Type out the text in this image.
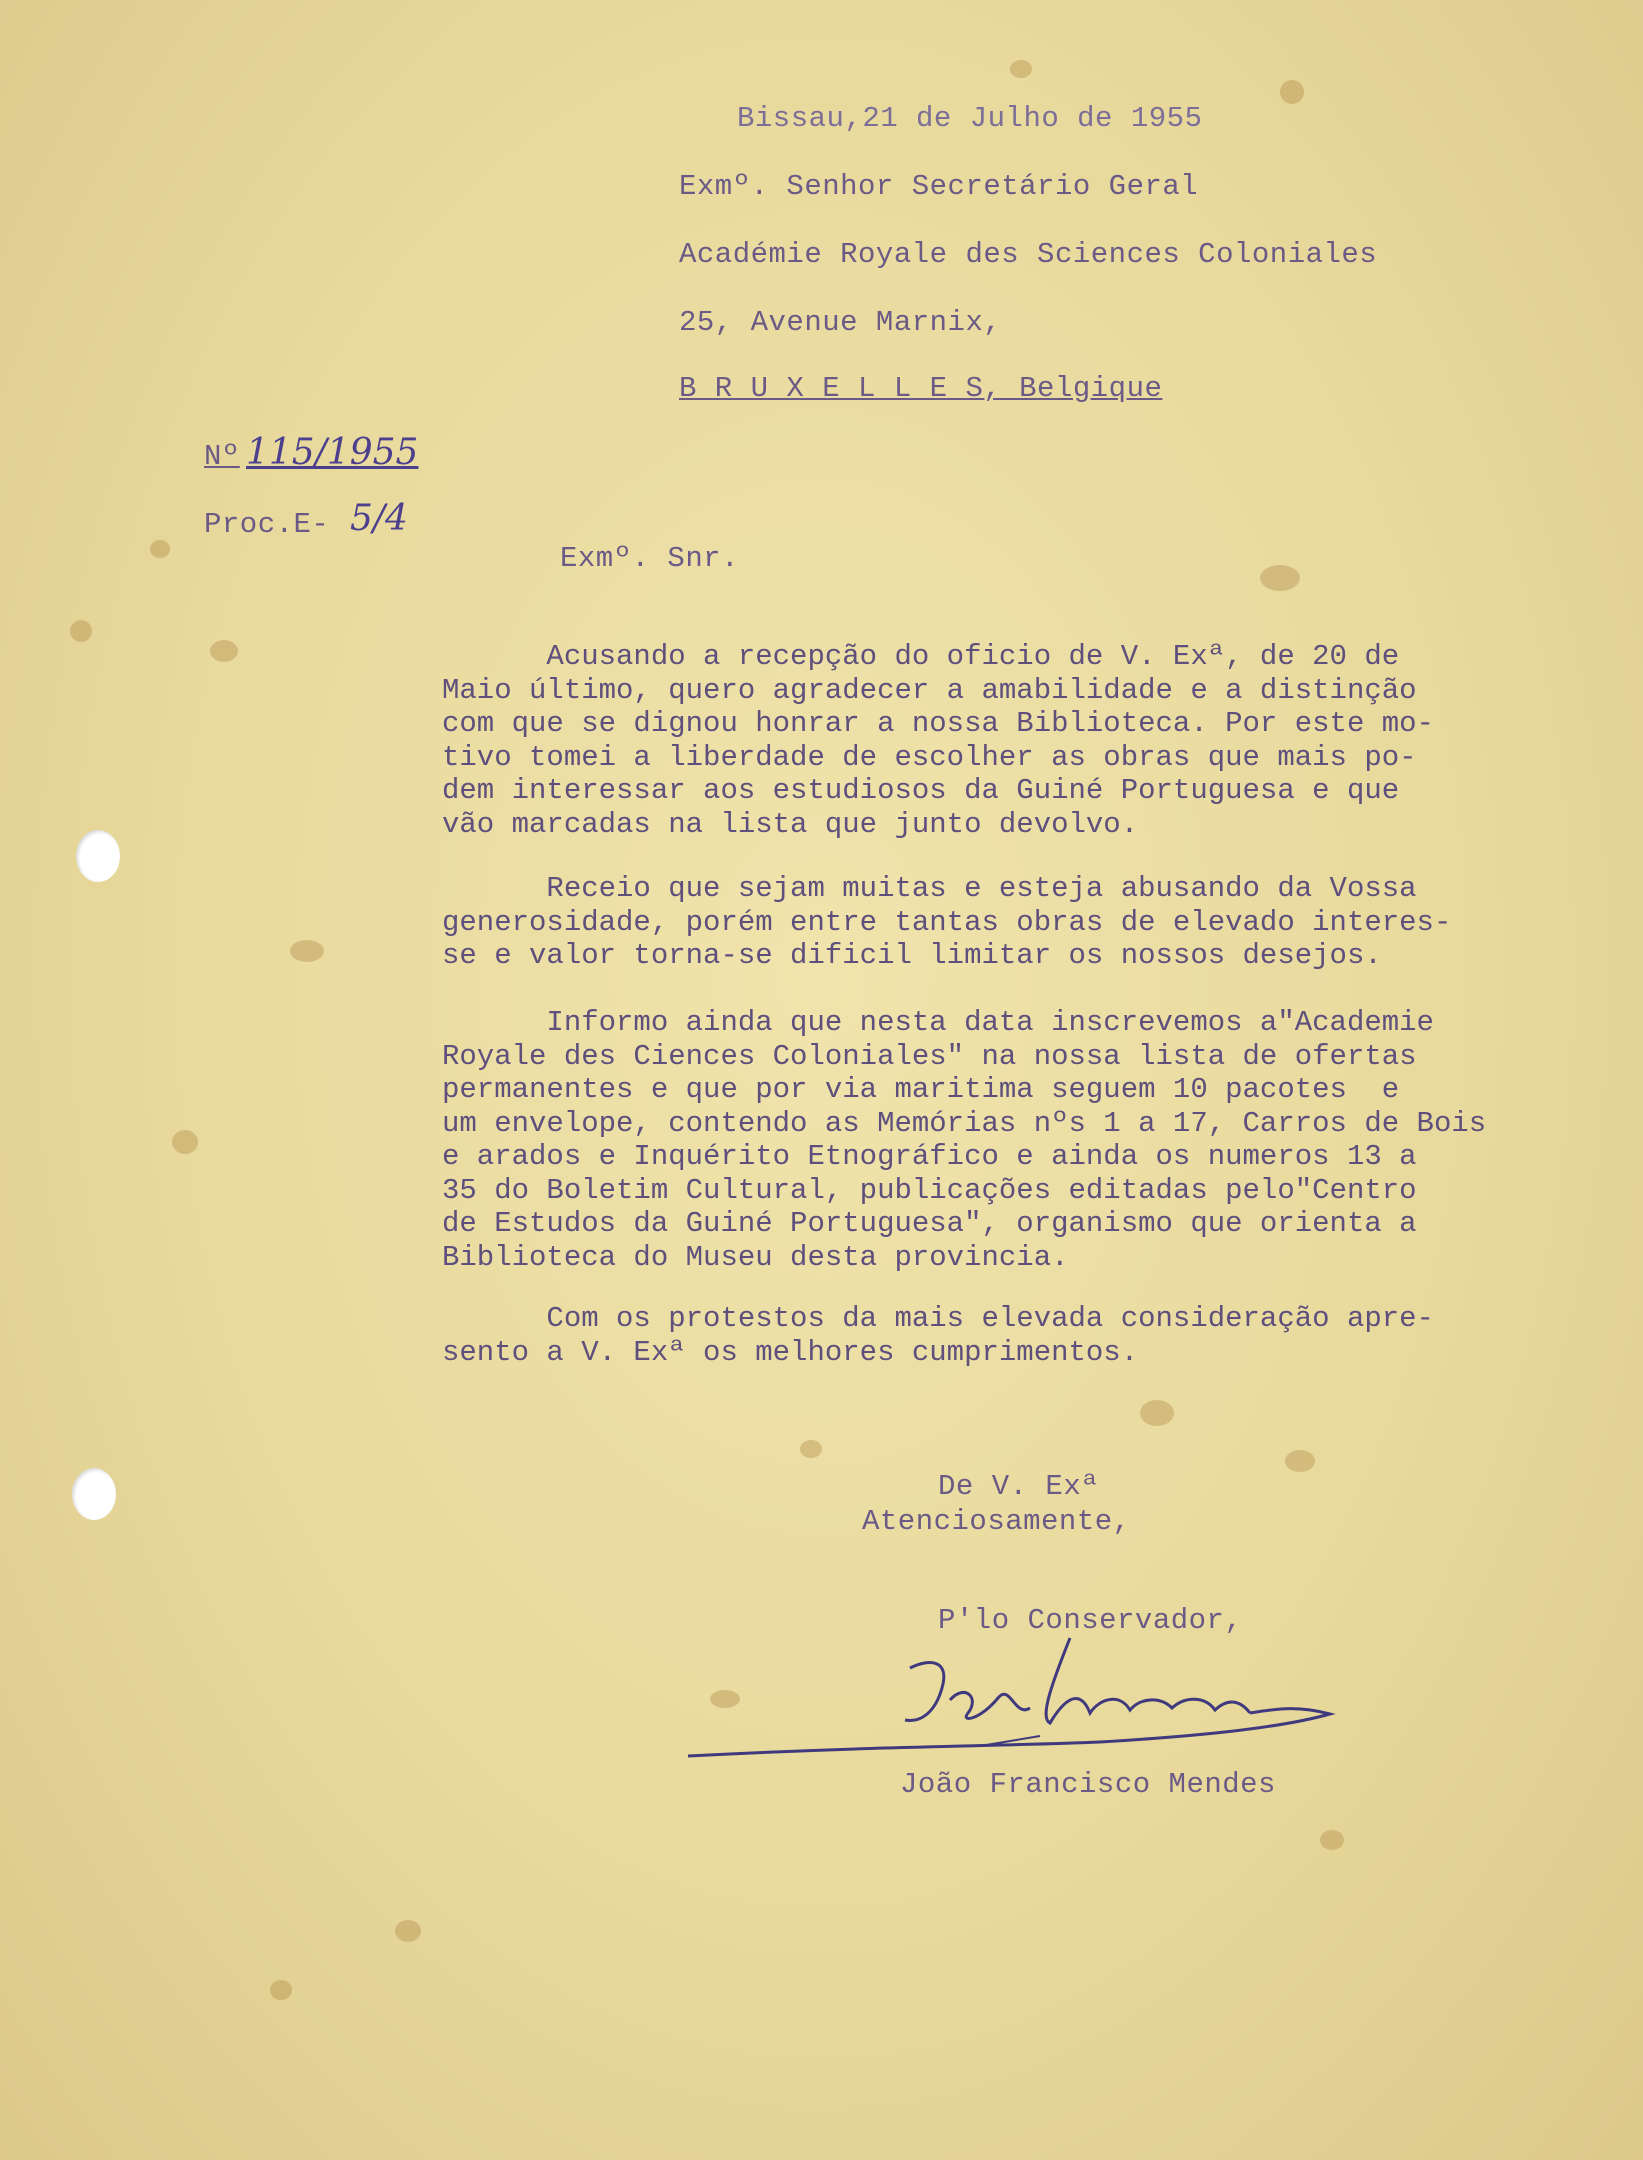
Bissau,21 de Julho de 1955
Exmº. Senhor Secretário Geral
Académie Royale des Sciences Coloniales
25, Avenue Marnix,
B R U X E L L E S, Belgique
Nº 115/1955
Proc.E- 5/4
Exmº. Snr.
Acusando a recepção do oficio de V. Exª, de 20 de
Maio último, quero agradecer a amabilidade e a distinção
com que se dignou honrar a nossa Biblioteca. Por este mo-
tivo tomei a liberdade de escolher as obras que mais po-
dem interessar aos estudiosos da Guiné Portuguesa e que
vão marcadas na lista que junto devolvo.
Receio que sejam muitas e esteja abusando da Vossa
generosidade, porém entre tantas obras de elevado interes-
se e valor torna-se dificil limitar os nossos desejos.
Informo ainda que nesta data inscrevemos a"Academie
Royale des Ciences Coloniales" na nossa lista de ofertas
permanentes e que por via maritima seguem 10 pacotes  e
um envelope, contendo as Memórias nºs 1 a 17, Carros de Bois
e arados e Inquérito Etnográfico e ainda os numeros 13 a
35 do Boletim Cultural, publicações editadas pelo"Centro
de Estudos da Guiné Portuguesa", organismo que orienta a
Biblioteca do Museu desta provincia.
Com os protestos da mais elevada consideração apre-
sento a V. Exª os melhores cumprimentos.
De V. Exª
Atenciosamente,
P'lo Conservador,
João Francisco Mendes
